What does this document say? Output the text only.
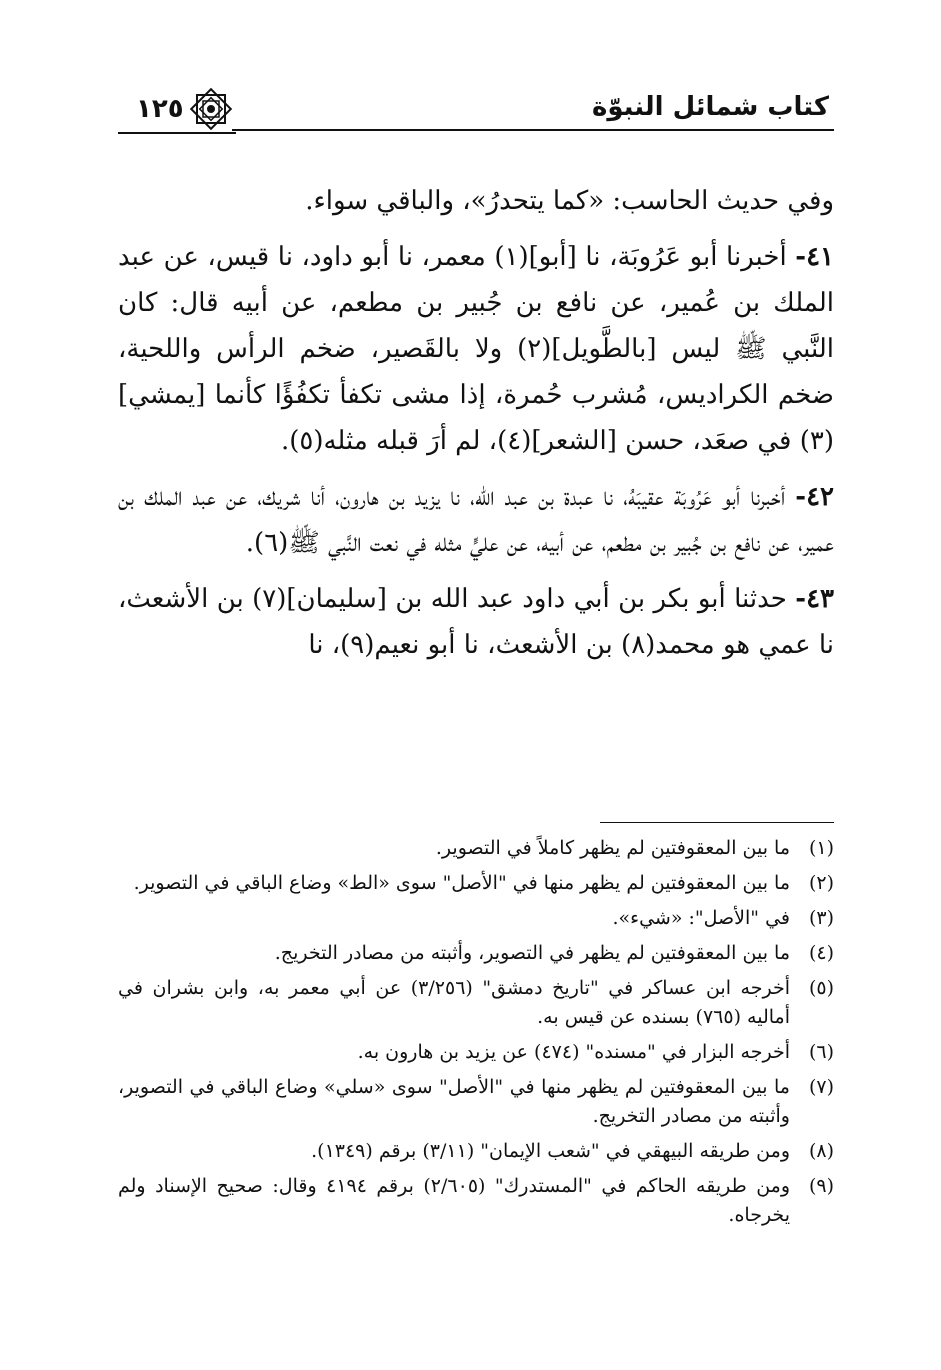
كتاب شمائل النبوّة
١٢٥

وفي حديث الحاسب: «كما يتحدرُ»، والباقي سواء.

٤١- أخبرنا أبو عَرُوبَة، نا [أبو](١) معمر، نا أبو داود، نا قيس، عن عبد الملك بن عُمير، عن نافع بن جُبير بن مطعم، عن أبيه قال: كان النَّبي ﷺ ليس [بالطَّويل](٢) ولا بالقَصير، ضخم الرأس واللحية، ضخم الكراديس، مُشرب حُمرة، إذا مشى تكفأ تكفُؤًا كأنما [يمشي](٣) في صعَد، حسن [الشعر](٤)، لم أرَ قبله مثله(٥).

٤٢- أخبرنا أبو عَرُوبَة عقيبَهُ، نا عبدة بن عبد الله، نا يزيد بن هارون، أنا شريك، عن عبد الملك بن عمير، عن نافع بن جُبير بن مطعم، عن أبيه، عن عليٍّ مثله في نعت النَّبي ﷺ(٦).

٤٣- حدثنا أبو بكر بن أبي داود عبد الله بن [سليمان](٧) بن الأشعث، نا عمي هو محمد(٨) بن الأشعث، نا أبو نعيم(٩)، نا

(١)
ما بين المعقوفتين لم يظهر كاملاً في التصوير.
(٢)
ما بين المعقوفتين لم يظهر منها في "الأصل" سوى «الط» وضاع الباقي في التصوير.
(٣)
في "الأصل": «شيء».
(٤)
ما بين المعقوفتين لم يظهر في التصوير، وأثبته من مصادر التخريج.
(٥)
أخرجه ابن عساكر في "تاريخ دمشق" (٣/٢٥٦) عن أبي معمر به، وابن بشران في أماليه (٧٦٥) بسنده عن قيس به.
(٦)
أخرجه البزار في "مسنده" (٤٧٤) عن يزيد بن هارون به.
(٧)
ما بين المعقوفتين لم يظهر منها في "الأصل" سوى «سلي» وضاع الباقي في التصوير، وأثبته من مصادر التخريج.
(٨)
ومن طريقه البيهقي في "شعب الإيمان" (٣/١١) برقم (١٣٤٩).
(٩)
ومن طريقه الحاكم في "المستدرك" (٢/٦٠٥) برقم ٤١٩٤ وقال: صحيح الإسناد ولم يخرجاه.
